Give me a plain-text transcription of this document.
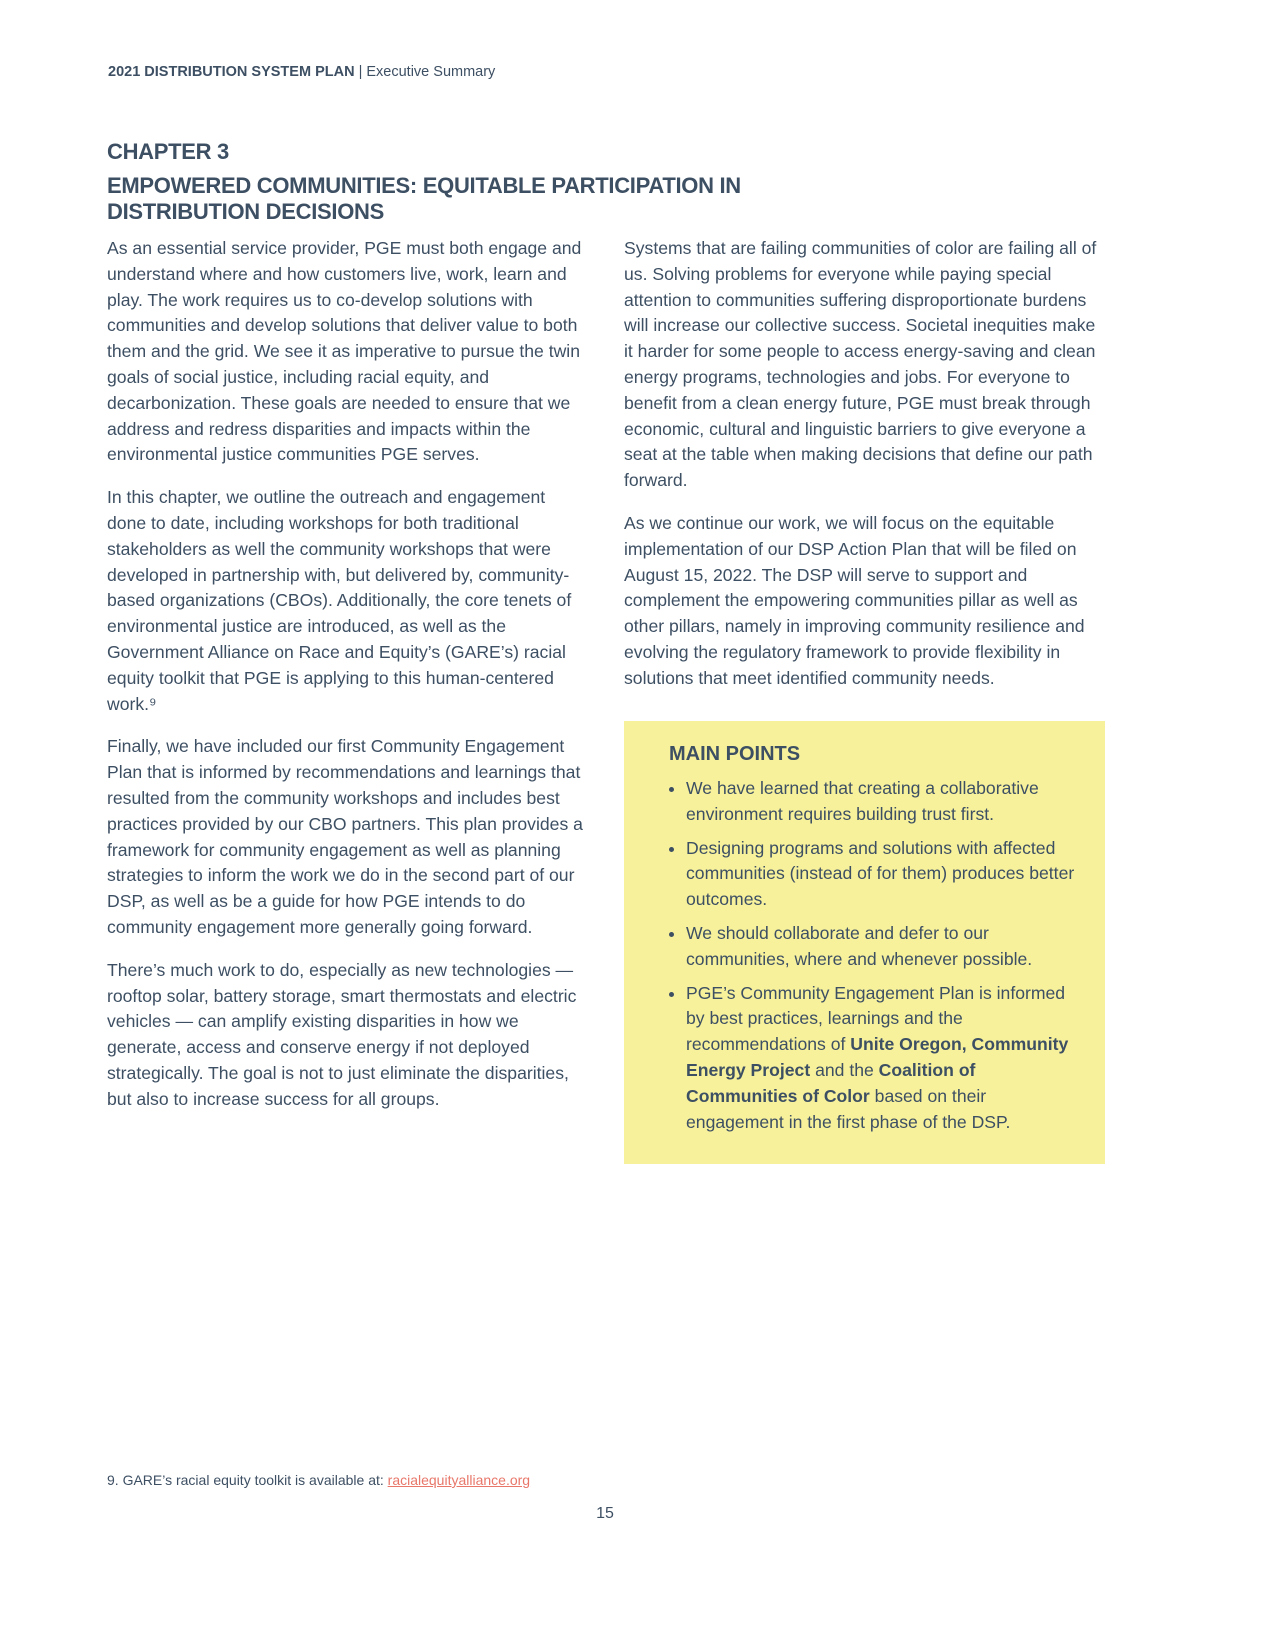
2021 DISTRIBUTION SYSTEM PLAN | Executive Summary
CHAPTER 3
EMPOWERED COMMUNITIES: EQUITABLE PARTICIPATION IN DISTRIBUTION DECISIONS

As an essential service provider, PGE must both engage and understand where and how customers live, work, learn and play. The work requires us to co-develop solutions with communities and develop solutions that deliver value to both them and the grid. We see it as imperative to pursue the twin goals of social justice, including racial equity, and decarbonization. These goals are needed to ensure that we address and redress disparities and impacts within the environmental justice communities PGE serves.

In this chapter, we outline the outreach and engagement done to date, including workshops for both traditional stakeholders as well the community workshops that were developed in partnership with, but delivered by, community-based organizations (CBOs). Additionally, the core tenets of environmental justice are introduced, as well as the Government Alliance on Race and Equity’s (GARE’s) racial equity toolkit that PGE is applying to this human-centered work.⁹

Finally, we have included our first Community Engagement Plan that is informed by recommendations and learnings that resulted from the community workshops and includes best practices provided by our CBO partners. This plan provides a framework for community engagement as well as planning strategies to inform the work we do in the second part of our DSP, as well as be a guide for how PGE intends to do community engagement more generally going forward.

There’s much work to do, especially as new technologies — rooftop solar, battery storage, smart thermostats and electric vehicles — can amplify existing disparities in how we generate, access and conserve energy if not deployed strategically. The goal is not to just eliminate the disparities, but also to increase success for all groups.

Systems that are failing communities of color are failing all of us. Solving problems for everyone while paying special attention to communities suffering disproportionate burdens will increase our collective success. Societal inequities make it harder for some people to access energy-saving and clean energy programs, technologies and jobs. For everyone to benefit from a clean energy future, PGE must break through economic, cultural and linguistic barriers to give everyone a seat at the table when making decisions that define our path forward.

As we continue our work, we will focus on the equitable implementation of our DSP Action Plan that will be filed on August 15, 2022. The DSP will serve to support and complement the empowering communities pillar as well as other pillars, namely in improving community resilience and evolving the regulatory framework to provide flexibility in solutions that meet identified community needs.

MAIN POINTS
• We have learned that creating a collaborative environment requires building trust first.
• Designing programs and solutions with affected communities (instead of for them) produces better outcomes.
• We should collaborate and defer to our communities, where and whenever possible.
• PGE’s Community Engagement Plan is informed by best practices, learnings and the recommendations of Unite Oregon, Community Energy Project and the Coalition of Communities of Color based on their engagement in the first phase of the DSP.
9. GARE’s racial equity toolkit is available at: racialequityalliance.org
15
